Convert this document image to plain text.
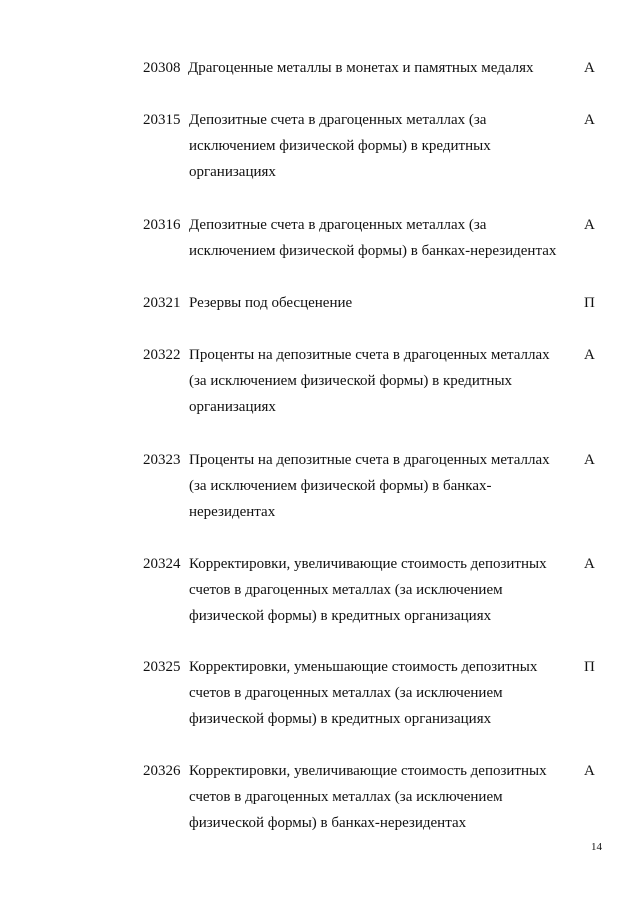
20308 Драгоценные металлы в монетах и памятных медалях	А
20315 Депозитные счета в драгоценных металлах (за
исключением физической формы) в кредитных
организациях
А
20316 Депозитные счета в драгоценных металлах (за
исключением физической формы) в банках-нерезидентах
А
20321 Резервы под обесценение	П
20322 Проценты на депозитные счета в драгоценных металлах
(за исключением физической формы) в кредитных
организациях
А
20323 Проценты на депозитные счета в драгоценных металлах
(за исключением физической формы) в банках-
нерезидентах
А
20324 Корректировки, увеличивающие стоимость депозитных
счетов в драгоценных металлах (за исключением
физической формы) в кредитных организациях
А
20325 Корректировки, уменьшающие стоимость депозитных
счетов в драгоценных металлах (за исключением
физической формы) в кредитных организациях
П
20326 Корректировки, увеличивающие стоимость депозитных
счетов в драгоценных металлах (за исключением
физической формы) в банках-нерезидентах
А
14
